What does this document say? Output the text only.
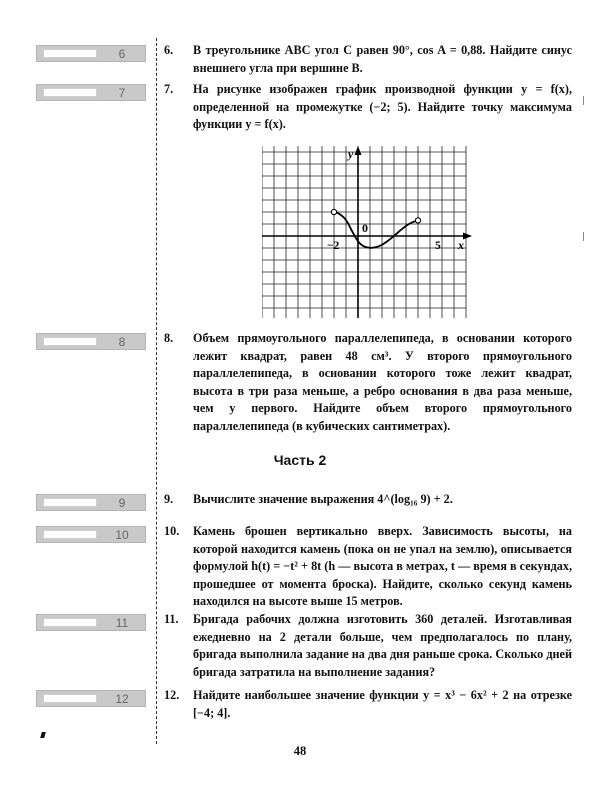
6
7
8
9
10
11
12
6. В треугольнике ABC угол C равен 90°, cos A = 0,88. Найдите синус внешнего угла при вершине B.
7. На рисунке изображен график производной функции y = f(x), определенной на промежутке (−2; 5). Найдите точку максимума функции y = f(x).
y
x
0
−2	5
8. Объем прямоугольного параллелепипеда, в основании которого лежит квадрат, равен 48 см³. У второго прямоугольного параллелепипеда, в основании которого тоже лежит квадрат, высота в три раза меньше, а ребро основания в два раза меньше, чем у первого. Найдите объем второго прямоугольного параллелепипеда (в кубических сантиметрах).
Часть 2
9. Вычислите значение выражения 4^(log₁₆ 9) + 2.
10. Камень брошен вертикально вверх. Зависимость высоты, на которой находится камень (пока он не упал на землю), описывается формулой h(t) = −t² + 8t (h — высота в метрах, t — время в секундах, прошедшее от момента броска). Найдите, сколько секунд камень находился на высоте выше 15 метров.
11. Бригада рабочих должна изготовить 360 деталей. Изготавливая ежедневно на 2 детали больше, чем предполагалось по плану, бригада выполнила задание на два дня раньше срока. Сколько дней бригада затратила на выполнение задания?
12. Найдите наибольшее значение функции y = x³ − 6x² + 2 на отрезке [−4; 4].
48
